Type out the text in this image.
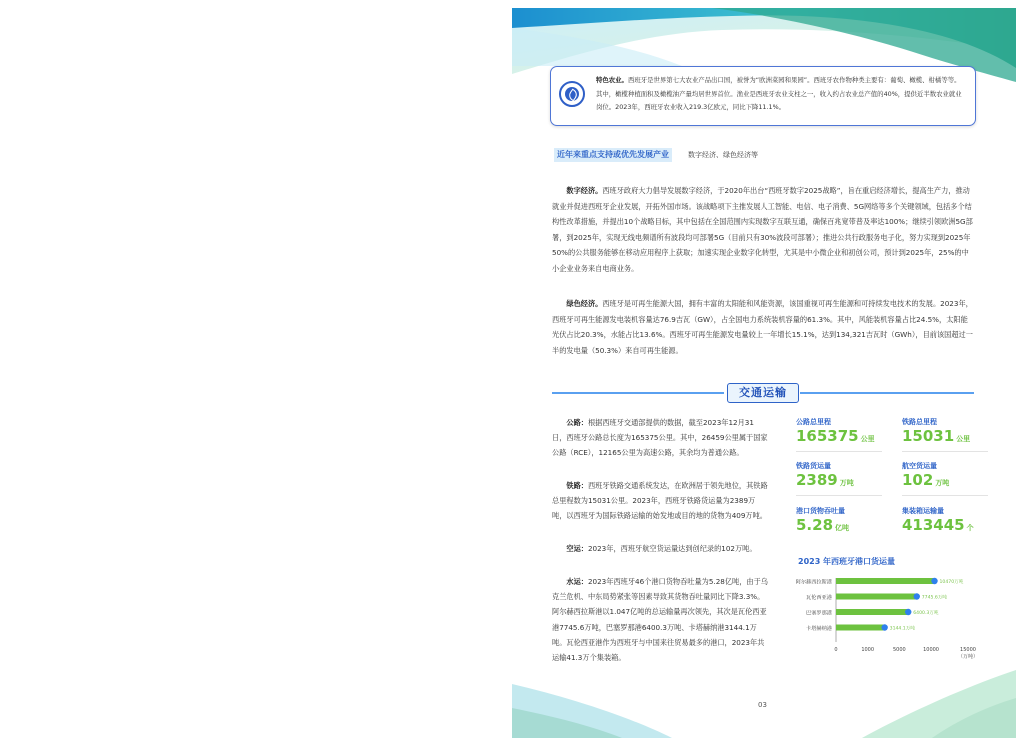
特色农业。西班牙是世界第七大农业产品出口国，被誉为“欧洲菜园和果园”。西班牙农作物种类主要有：葡萄、橄榄、柑橘等等。其中，橄榄种植面积及橄榄油产量均居世界首位。渔业是西班牙农业支柱之一，收入约占农业总产值的40%，提供近半数农业就业岗位。2023年，西班牙农业收入219.3亿欧元，同比下降11.1%。
近年来重点支持或优先发展产业	数字经济、绿色经济等

数字经济。西班牙政府大力倡导发展数字经济，于2020年出台“西班牙数字2025战略”，旨在重启经济增长，提高生产力，推动就业并促进西班牙企业发展，开拓外国市场。该战略项下主推发展人工智能、电信、电子消费、5G网络等多个关键领域，包括多个结构性改革措施，并提出10个战略目标，其中包括在全国范围内实现数字互联互通，确保百兆宽带普及率达100%；继续引领欧洲5G部署，到2025年，实现无线电频谱所有波段均可部署5G（目前只有30%波段可部署）；推进公共行政服务电子化，努力实现到2025年50%的公共服务能够在移动应用程序上获取；加速实现企业数字化转型，尤其是中小微企业和初创公司，预计到2025年，25%的中小企业业务来自电商业务。

绿色经济。西班牙是可再生能源大国，拥有丰富的太阳能和风能资源，该国重视可再生能源和可持续发电技术的发展。2023年，西班牙可再生能源发电装机容量达76.9吉瓦（GW），占全国电力系统装机容量的61.3%。其中，风能装机容量占比24.5%，太阳能光伏占比20.3%，水能占比13.6%。西班牙可再生能源发电量较上一年增长15.1%，达到134,321吉瓦时（GWh），目前该国超过一半的发电量（50.3%）来自可再生能源。

交通运输

公路：根据西班牙交通部提供的数据，截至2023年12月31日，西班牙公路总长度为165375公里。其中，26459公里属于国家公路（RCE），12165公里为高速公路，其余均为普通公路。

铁路：西班牙铁路交通系统发达，在欧洲居于领先地位，其铁路总里程数为15031公里。2023年，西班牙铁路货运量为2389万吨，以西班牙为国际铁路运输的始发地或目的地的货物为409万吨。

空运：2023年，西班牙航空货运量达到创纪录的102万吨。

水运：2023年西班牙46个港口货物吞吐量为5.28亿吨，由于乌克兰危机、中东局势紧张等因素导致其货物吞吐量同比下降3.3%。阿尔赫西拉斯港以1.047亿吨的总运输量再次领先，其次是瓦伦西亚港7745.6万吨，巴塞罗那港6400.3万吨、卡塔赫纳港3144.1万吨。瓦伦西亚港作为西班牙与中国来往贸易最多的港口，2023年共运输41.3万个集装箱。

公路总里程
165375 公里
铁路总里程
15031 公里
铁路货运量
2389 万吨
航空货运量
102 万吨
港口货物吞吐量
5.28 亿吨
集装箱运输量
413445 个
2023 年西班牙港口货运量
阿尔赫西拉斯港	10470万吨
瓦伦西亚港	7745.6万吨
巴塞罗那港	6400.3万吨
卡塔赫纳港	3144.1万吨
0	1000	5000	10000	15000
（万吨）
03
